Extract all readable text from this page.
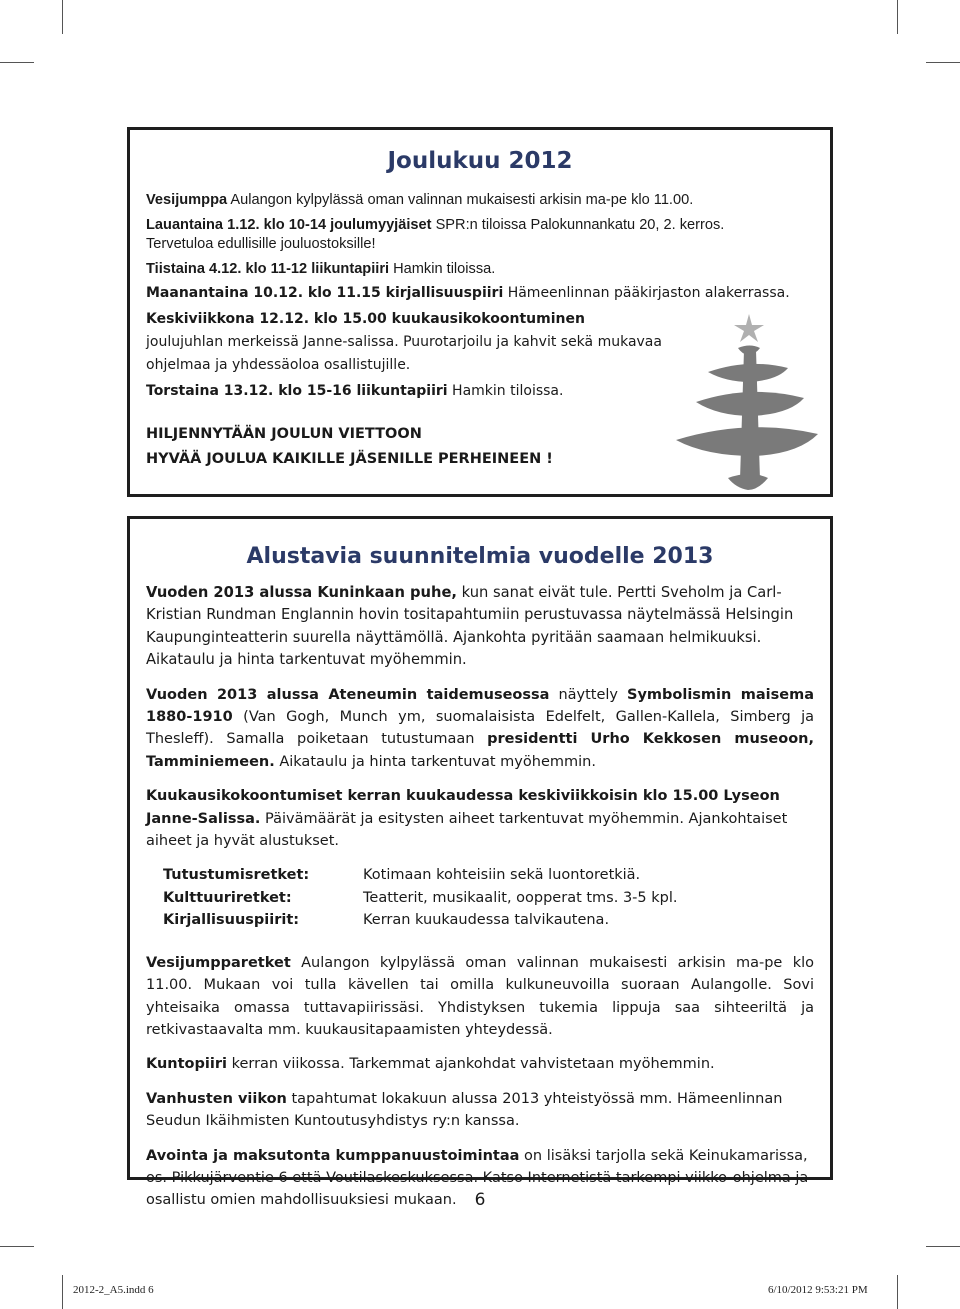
Joulukuu 2012

Vesijumppa Aulangon kylpylässä oman valinnan mukaisesti arkisin ma-pe klo 11.00.

Lauantaina 1.12. klo 10-14 joulumyyjäiset SPR:n tiloissa Palokunnankatu 20, 2. kerros.

Tervetuloa edullisille jouluostoksille!

Tiistaina 4.12. klo 11-12 liikuntapiiri Hamkin tiloissa.

Maanantaina 10.12. klo 11.15 kirjallisuuspiiri Hämeenlinnan pääkirjaston alakerrassa.

Keskiviikkona 12.12. klo 15.00 kuukausikokoontuminen joulujuhlan merkeissä Janne-salissa. Puurotarjoilu ja kahvit sekä mukavaa ohjelmaa ja yhdessäoloa osallistujille.

Torstaina 13.12. klo 15-16 liikuntapiiri Hamkin tiloissa.

HILJENNYTÄÄN JOULUN VIETTOON

HYVÄÄ JOULUA KAIKILLE JÄSENILLE PERHEINEEN !

Alustavia suunnitelmia vuodelle 2013

Vuoden 2013 alussa Kuninkaan puhe, kun sanat eivät tule. Pertti Sveholm ja Carl-Kristian Rundman Englannin hovin tositapahtumiin perustuvassa näytelmässä Helsingin Kaupunginteatterin suurella näyttämöllä. Ajankohta pyritään saamaan helmikuuksi. Aikataulu ja hinta tarkentuvat myöhemmin.

Vuoden 2013 alussa Ateneumin taidemuseossa näyttely Symbolismin maisema 1880-1910 (Van Gogh, Munch ym, suomalaisista Edelfelt, Gallen-Kallela, Simberg ja Thesleff). Samalla poiketaan tutustumaan presidentti Urho Kekkosen museoon, Tamminiemeen. Aikataulu ja hinta tarkentuvat myöhemmin.

Kuukausikokoontumiset kerran kuukaudessa keskiviikkoisin klo 15.00 Lyseon Janne-Salissa. Päivämäärät ja esitysten aiheet tarkentuvat myöhemmin. Ajankohtaiset aiheet ja hyvät alustukset.

Tutustumisretket:	Kotimaan kohteisiin sekä luontoretkiä.
Kulttuuriretket:	Teatterit, musikaalit, oopperat tms. 3-5 kpl.
Kirjallisuuspiirit:	Kerran kuukaudessa talvikautena.

Vesijumpparetket Aulangon kylpylässä oman valinnan mukaisesti arkisin ma-pe klo 11.00. Mukaan voi tulla kävellen tai omilla kulkuneuvoilla suoraan Aulangolle. Sovi yhteisaika omassa tuttavapiirissäsi. Yhdistyksen tukemia lippuja saa sihteeriltä ja retkivastaavalta mm. kuukausitapaamisten yhteydessä.

Kuntopiiri kerran viikossa. Tarkemmat ajankohdat vahvistetaan myöhemmin.

Vanhusten viikon tapahtumat lokakuun alussa 2013 yhteistyössä mm. Hämeenlinnan Seudun Ikäihmisten Kuntoutusyhdistys ry:n kanssa.

Avointa ja maksutonta kumppanuustoimintaa on lisäksi tarjolla sekä Keinukamarissa, os. Pikkujärventie 6 että Voutilaskeskuksessa. Katso Internetistä tarkempi viikko-ohjelma ja osallistu omien mahdollisuuksiesi mukaan.	6
2012-2_A5.indd 6	6/10/2012 9:53:21 PM
